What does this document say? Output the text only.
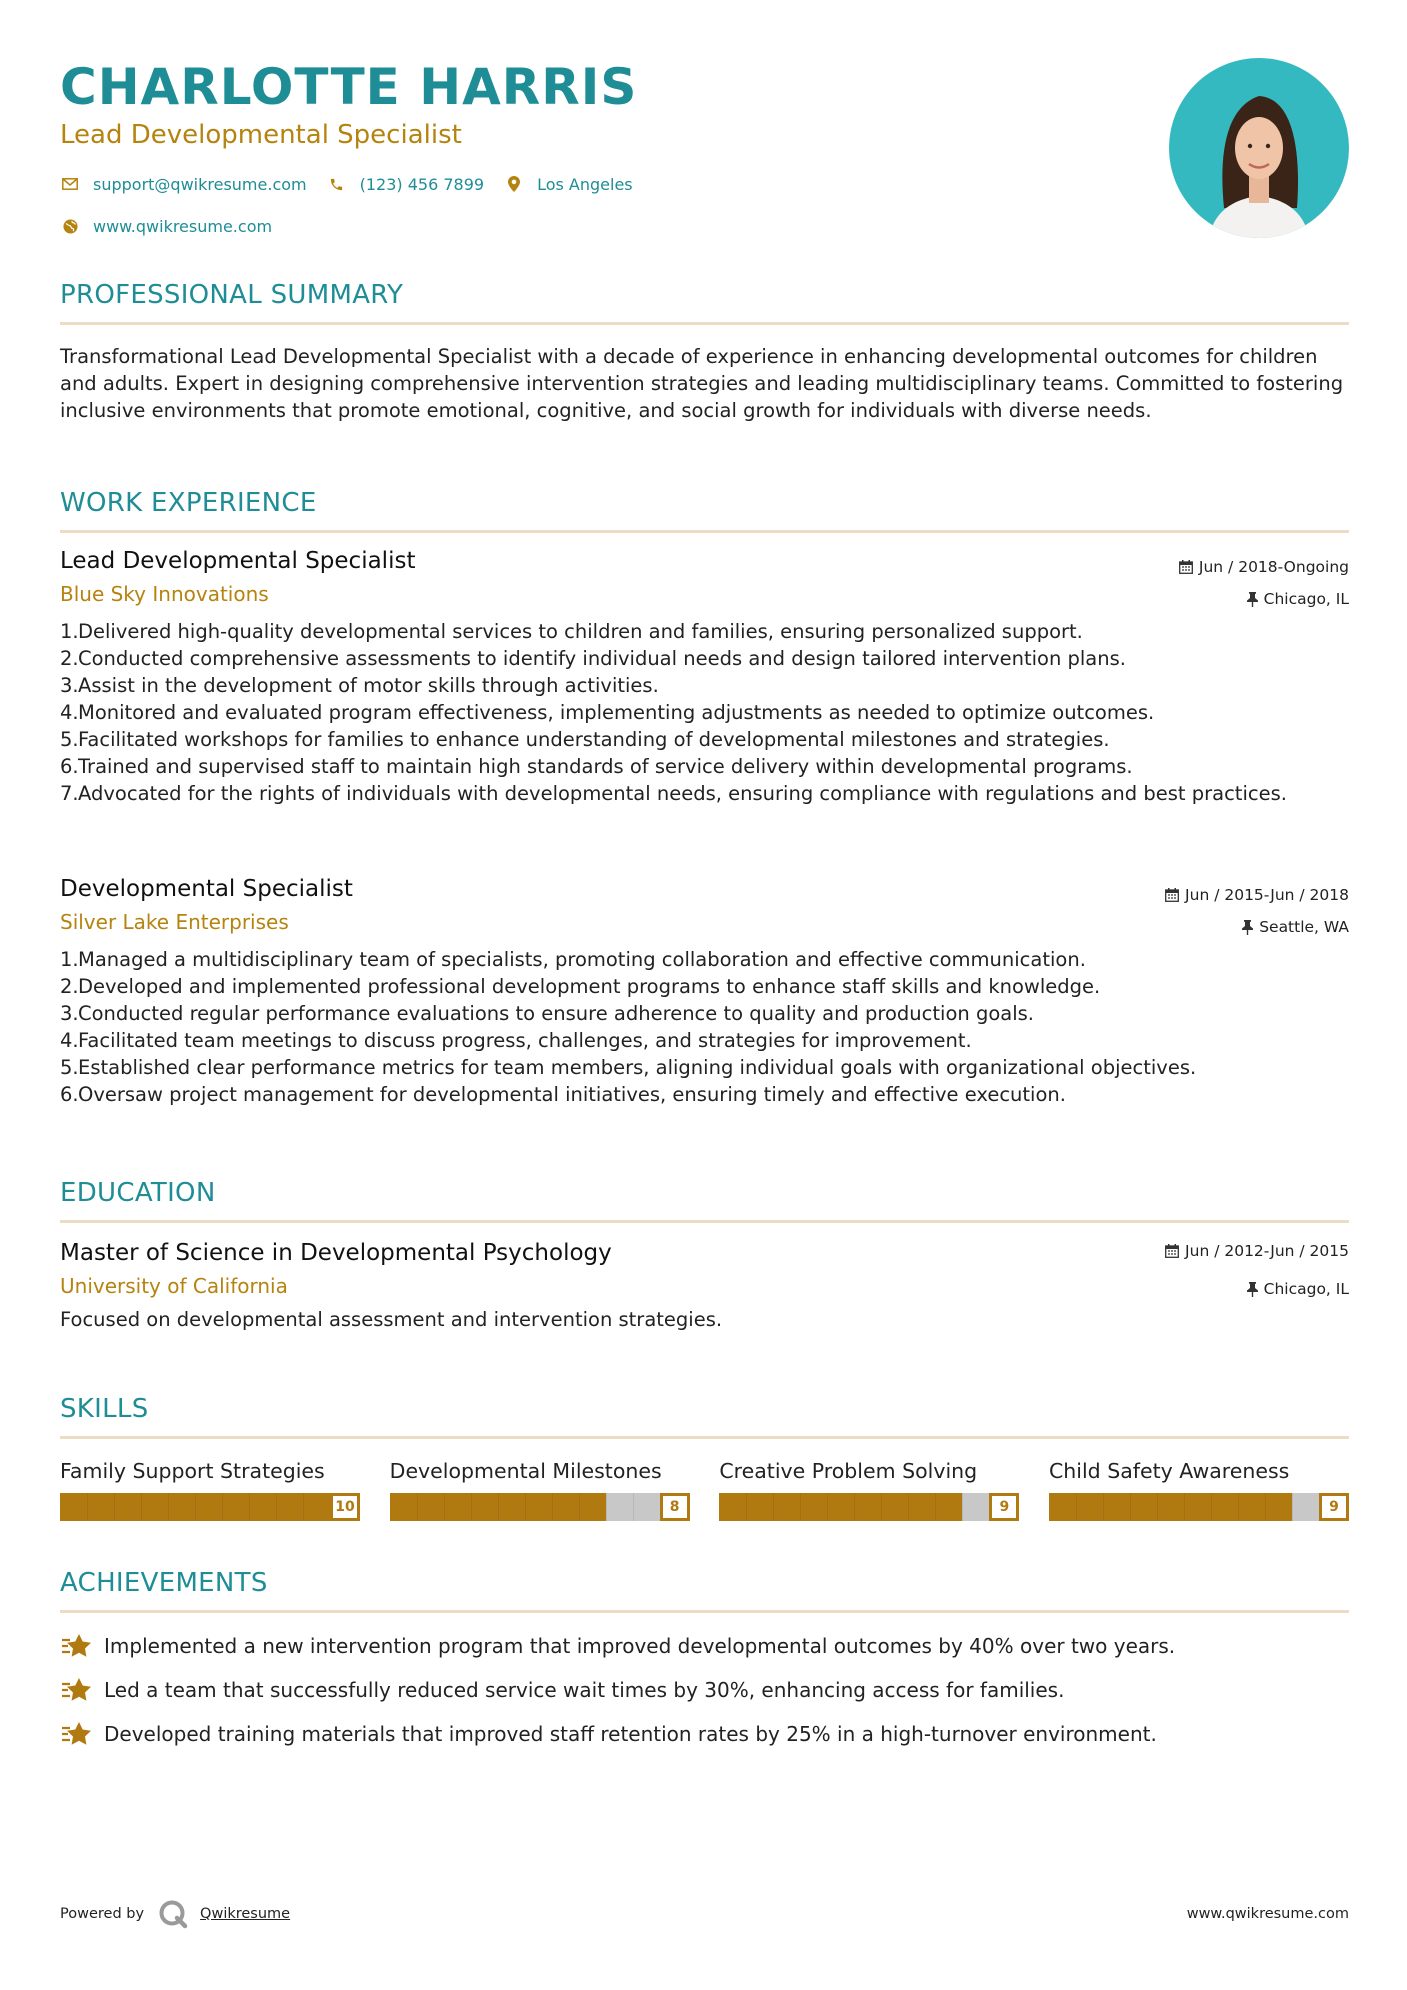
CHARLOTTE HARRIS
Lead Developmental Specialist
support@qwikresume.com	(123) 456 7899	Los Angeles
www.qwikresume.com
PROFESSIONAL SUMMARY
Transformational Lead Developmental Specialist with a decade of experience in enhancing developmental outcomes for children and adults. Expert in designing comprehensive intervention strategies and leading multidisciplinary teams. Committed to fostering inclusive environments that promote emotional, cognitive, and social growth for individuals with diverse needs.
WORK EXPERIENCE
Lead Developmental Specialist
Blue Sky Innovations
Jun / 2018-Ongoing
Chicago, IL
1. Delivered high-quality developmental services to children and families, ensuring personalized support.
2. Conducted comprehensive assessments to identify individual needs and design tailored intervention plans.
3. Assist in the development of motor skills through activities.
4. Monitored and evaluated program effectiveness, implementing adjustments as needed to optimize outcomes.
5. Facilitated workshops for families to enhance understanding of developmental milestones and strategies.
6. Trained and supervised staff to maintain high standards of service delivery within developmental programs.
7. Advocated for the rights of individuals with developmental needs, ensuring compliance with regulations and best practices.
Developmental Specialist
Silver Lake Enterprises
Jun / 2015-Jun / 2018
Seattle, WA
1. Managed a multidisciplinary team of specialists, promoting collaboration and effective communication.
2. Developed and implemented professional development programs to enhance staff skills and knowledge.
3. Conducted regular performance evaluations to ensure adherence to quality and production goals.
4. Facilitated team meetings to discuss progress, challenges, and strategies for improvement.
5. Established clear performance metrics for team members, aligning individual goals with organizational objectives.
6. Oversaw project management for developmental initiatives, ensuring timely and effective execution.
EDUCATION
Master of Science in Developmental Psychology
University of California
Jun / 2012-Jun / 2015
Chicago, IL
Focused on developmental assessment and intervention strategies.
SKILLS
Family Support Strategies
10
Developmental Milestones
8
Creative Problem Solving
9
Child Safety Awareness
9
ACHIEVEMENTS
Implemented a new intervention program that improved developmental outcomes by 40% over two years.
Led a team that successfully reduced service wait times by 30%, enhancing access for families.
Developed training materials that improved staff retention rates by 25% in a high-turnover environment.
Powered by	Qwikresume	www.qwikresume.com
